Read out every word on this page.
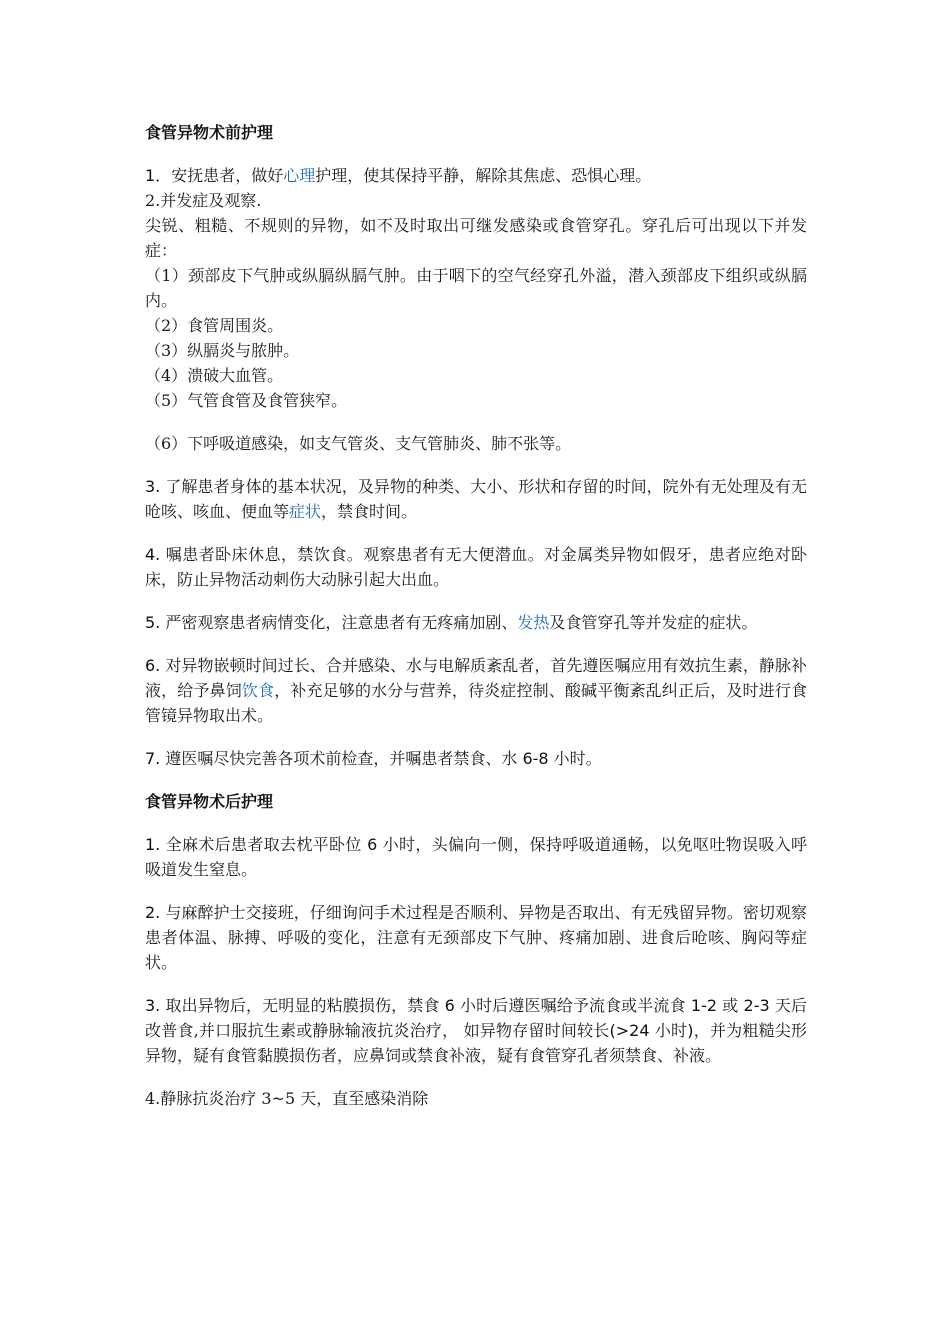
食管异物术前护理

1．安抚患者，做好心理护理，使其保持平静，解除其焦虑、恐惧心理。

2.并发症及观察.

尖锐、粗糙、不规则的异物，如不及时取出可继发感染或食管穿孔。穿孔后可出现以下并发症：

（1）颈部皮下气肿或纵膈纵膈气肿。由于咽下的空气经穿孔外溢，潜入颈部皮下组织或纵膈内。

（2）食管周围炎。

（3）纵膈炎与脓肿。

（4）溃破大血管。

（5）气管食管及食管狭窄。

（6）下呼吸道感染，如支气管炎、支气管肺炎、肺不张等。

3. 了解患者身体的基本状况，及异物的种类、大小、形状和存留的时间，院外有无处理及有无呛咳、咳血、便血等症状，禁食时间。

4. 嘱患者卧床休息，禁饮食。观察患者有无大便潜血。对金属类异物如假牙，患者应绝对卧床，防止异物活动刺伤大动脉引起大出血。

5. 严密观察患者病情变化，注意患者有无疼痛加剧、发热及食管穿孔等并发症的症状。

6. 对异物嵌顿时间过长、合并感染、水与电解质紊乱者，首先遵医嘱应用有效抗生素，静脉补液，给予鼻饲饮食，补充足够的水分与营养，待炎症控制、酸碱平衡紊乱纠正后，及时进行食管镜异物取出术。

7. 遵医嘱尽快完善各项术前检查，并嘱患者禁食、水 6-8 小时。

食管异物术后护理

1. 全麻术后患者取去枕平卧位 6 小时，头偏向一侧，保持呼吸道通畅，以免呕吐物误吸入呼吸道发生窒息。

2. 与麻醉护士交接班，仔细询问手术过程是否顺利、异物是否取出、有无残留异物。密切观察患者体温、脉搏、呼吸的变化，注意有无颈部皮下气肿、疼痛加剧、进食后呛咳、胸闷等症状。

3. 取出异物后，无明显的粘膜损伤，禁食 6 小时后遵医嘱给予流食或半流食 1-2 或 2-3 天后改普食,并口服抗生素或静脉输液抗炎治疗， 如异物存留时间较长(>24 小时)，并为粗糙尖形异物，疑有食管黏膜损伤者，应鼻饲或禁食补液，疑有食管穿孔者须禁食、补液。

4.静脉抗炎治疗 3~5 天，直至感染消除
